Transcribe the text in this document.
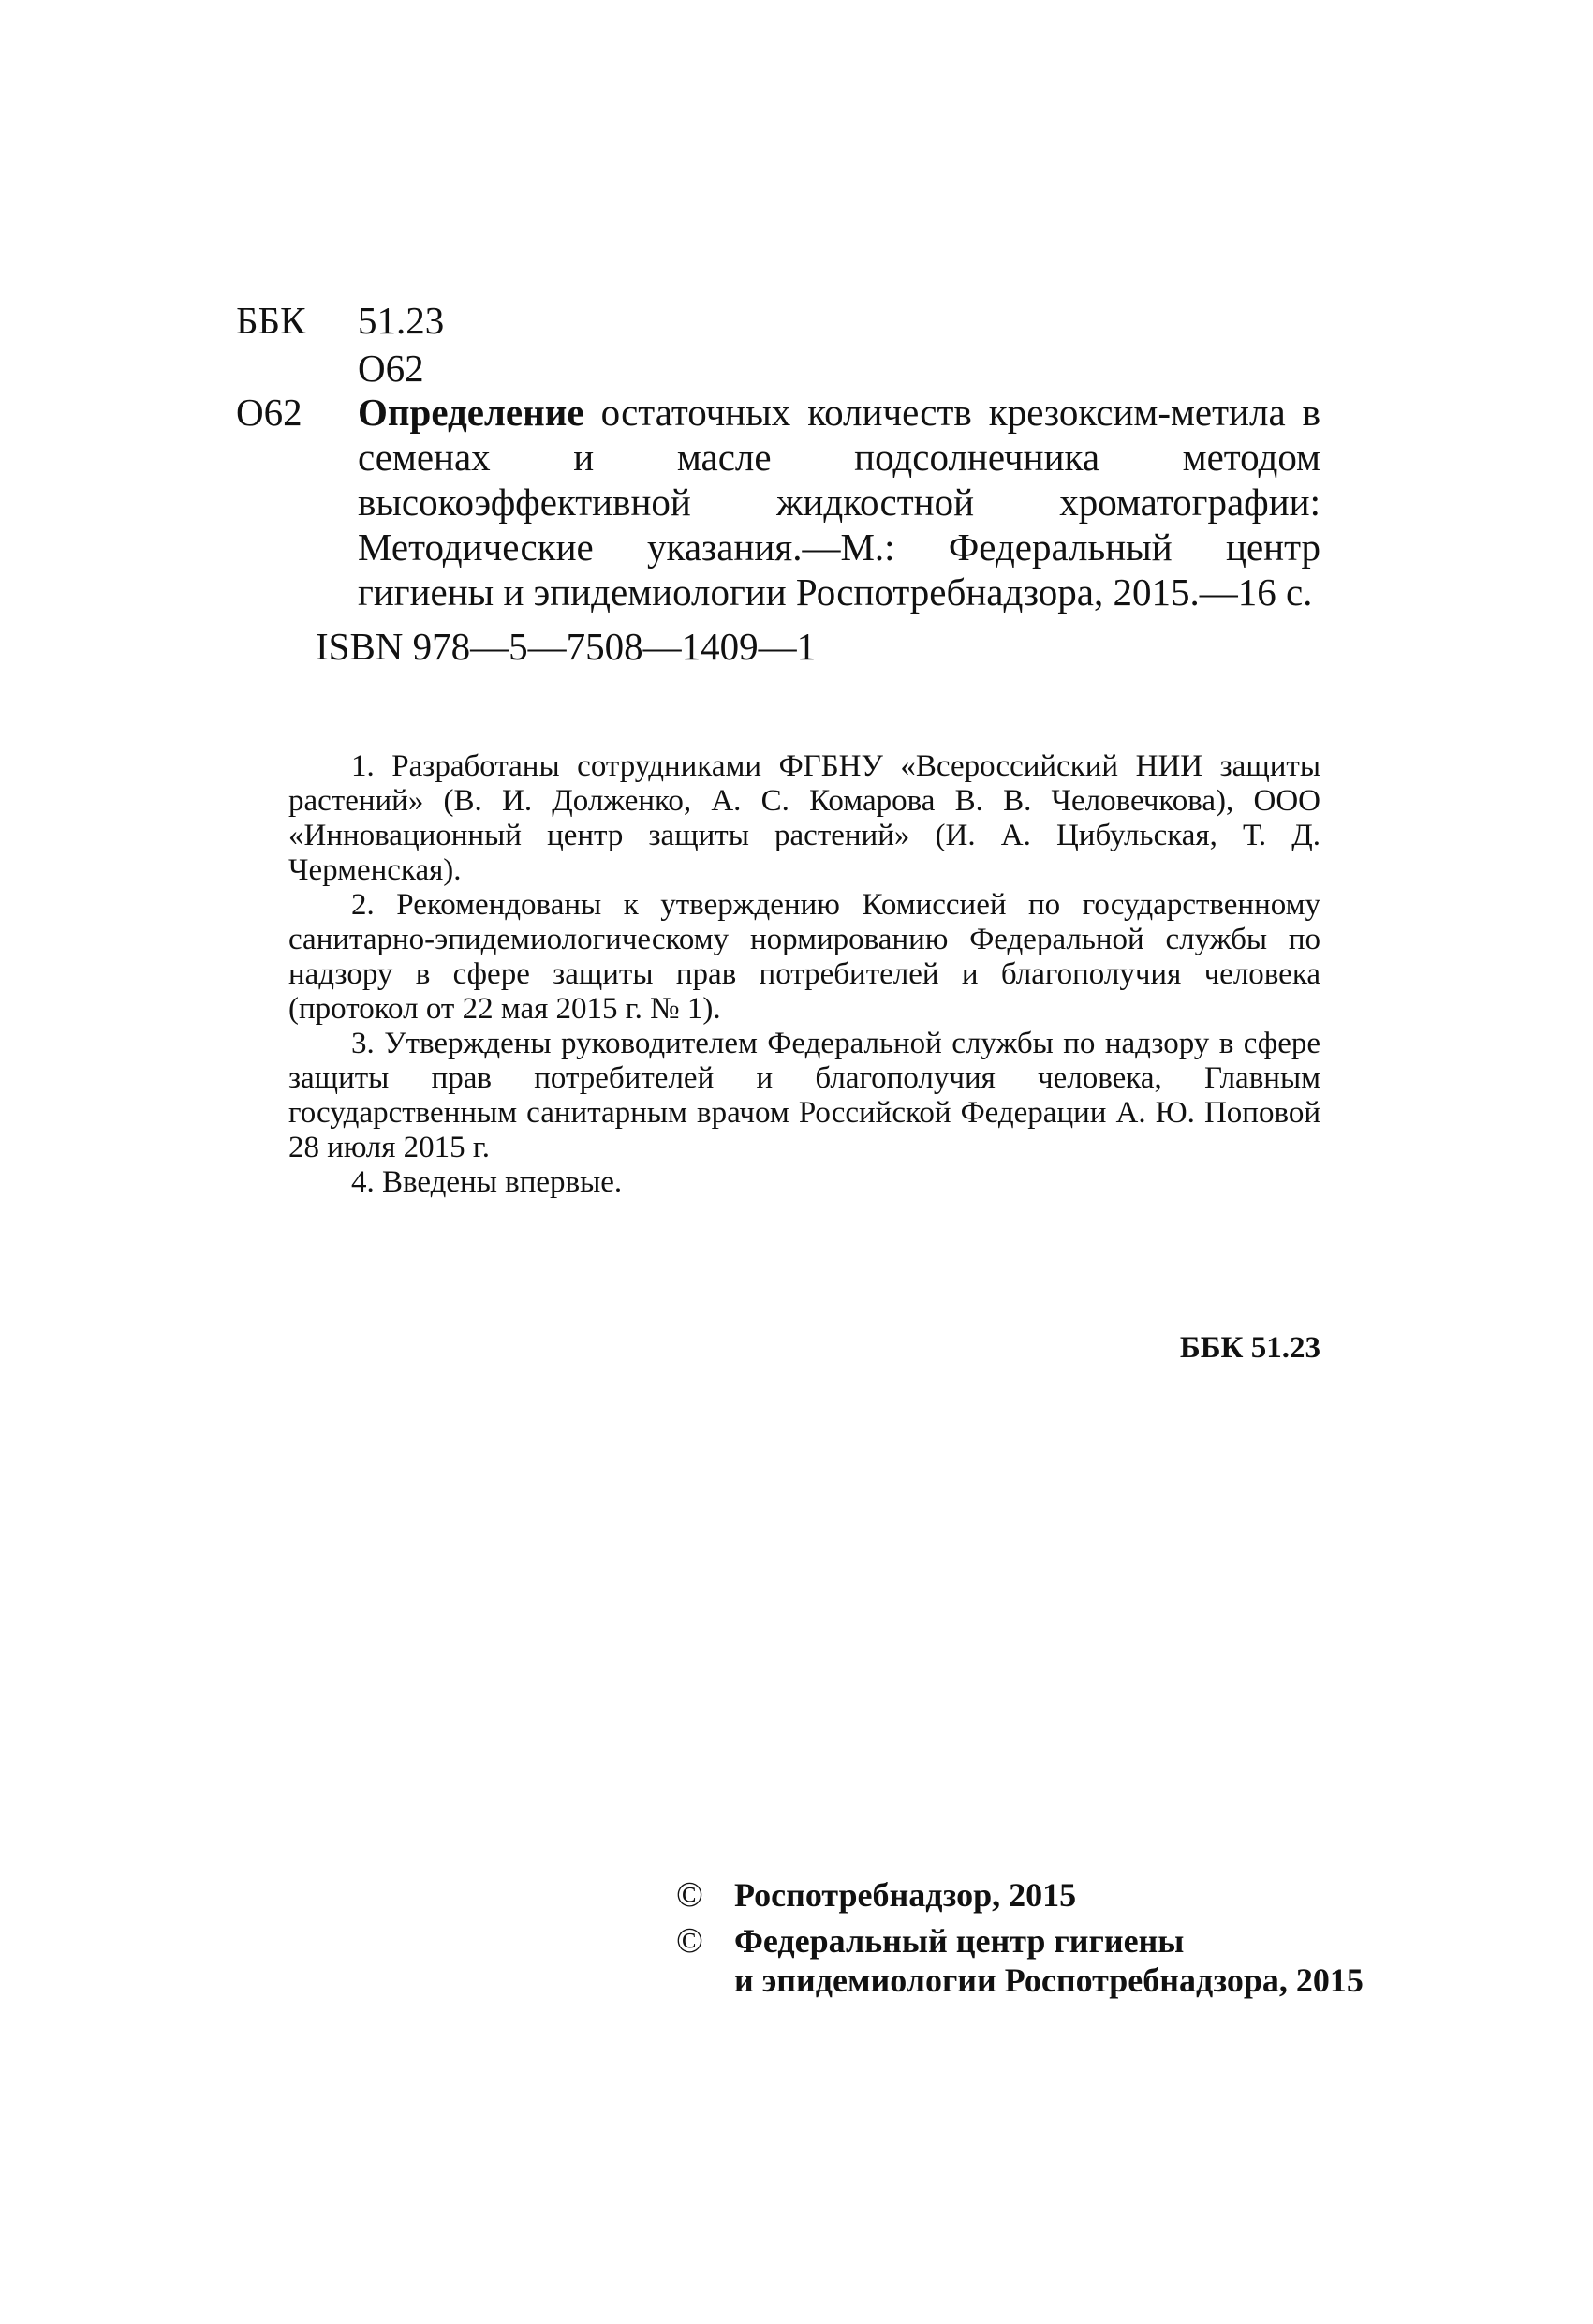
ББК 51.23
О62
О62 Определение остаточных количеств крезоксим-метила в семенах и масле подсолнечника методом высокоэффективной жидкостной хроматографии: Методические указания.—М.: Федеральный центр гигиены и эпидемиологии Роспотребнадзора, 2015.—16 с.
ISBN 978—5—7508—1409—1

1. Разработаны сотрудниками ФГБНУ «Всероссийский НИИ защиты растений» (В. И. Долженко, А. С. Комарова В. В. Человечкова), ООО «Инновационный центр защиты растений» (И. А. Цибульская, Т. Д. Черменская).

2. Рекомендованы к утверждению Комиссией по государственному санитарно-эпидемиологическому нормированию Федеральной службы по надзору в сфере защиты прав потребителей и благополучия человека (протокол от 22 мая 2015 г. № 1).

3. Утверждены руководителем Федеральной службы по надзору в сфере защиты прав потребителей и благополучия человека, Главным государственным санитарным врачом Российской Федерации А. Ю. Поповой 28 июля 2015 г.

4. Введены впервые.

ББК 51.23
© Роспотребнадзор, 2015
© Федеральный центр гигиены
и эпидемиологии Роспотребнадзора, 2015
